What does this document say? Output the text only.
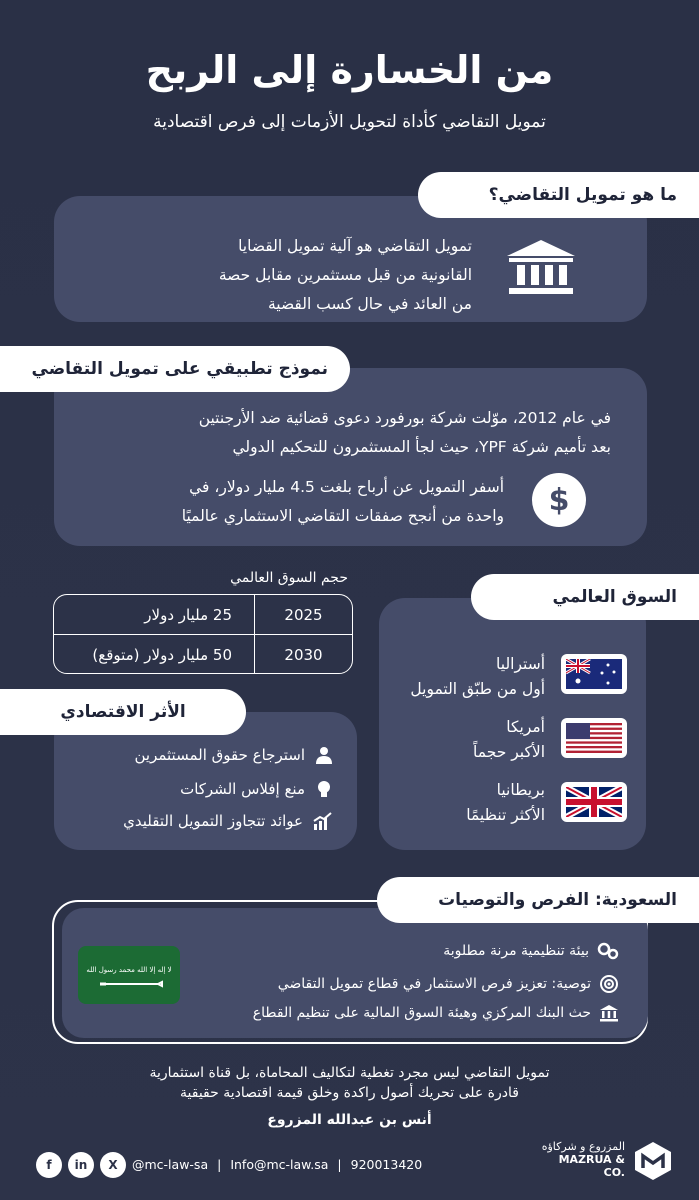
من الخسارة إلى الربح
تمويل التقاضي كأداة لتحويل الأزمات إلى فرص اقتصادية
ما هو تمويل التقاضي؟
تمويل التقاضي هو آلية تمويل القضايا
القانونية من قبل مستثمرين مقابل حصة
من العائد في حال كسب القضية
نموذج تطبيقي على تمويل التقاضي
في عام 2012، موّلت شركة بورفورد دعوى قضائية ضد الأرجنتين
بعد تأميم شركة YPF، حيث لجأ المستثمرون للتحكيم الدولي
أسفر التمويل عن أرباح بلغت 4.5 مليار دولار، في
واحدة من أنجح صفقات التقاضي الاستثماري عالميًا $
حجم السوق العالمي
2025
25 مليار دولار
2030
50 مليار دولار (متوقع)
السوق العالمي
أستراليا
أول من طبّق التمويل
أمريكا
الأكبر حجماً
بريطانيا
الأكثر تنظيمًا
الأثر الاقتصادي
استرجاع حقوق المستثمرين
منع إفلاس الشركات
عوائد تتجاوز التمويل التقليدي
السعودية: الفرص والتوصيات
بيئة تنظيمية مرنة مطلوبة
توصية: تعزيز فرص الاستثمار في قطاع تمويل التقاضي
حث البنك المركزي وهيئة السوق المالية على تنظيم القطاع
لا إله إلا الله محمد رسول الله
تمويل التقاضي ليس مجرد تغطية لتكاليف المحاماة، بل قناة استثمارية
قادرة على تحريك أصول راكدة وخلق قيمة اقتصادية حقيقية
أنس بن عبدالله المزروع
f in X @mc-law-sa | Info@mc-law.sa | 920013420
المزروع و شركاؤه
MAZRUA & CO.
